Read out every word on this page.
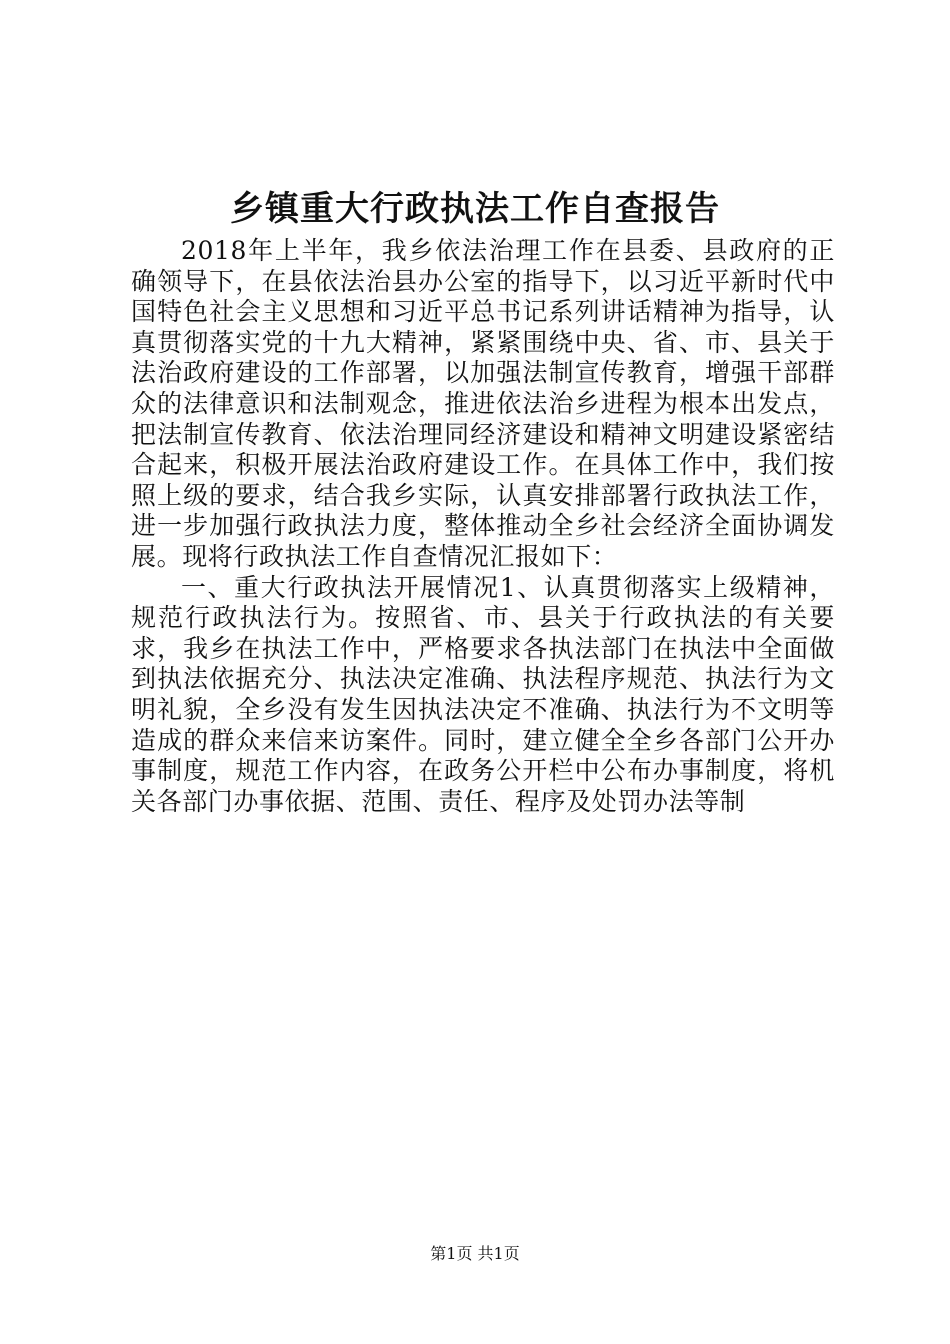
乡镇重大行政执法工作自查报告

2018年上半年，我乡依法治理工作在县委、县政府的正确领导下，在县依法治县办公室的指导下，以习近平新时代中国特色社会主义思想和习近平总书记系列讲话精神为指导，认真贯彻落实党的十九大精神，紧紧围绕中央、省、市、县关于法治政府建设的工作部署，以加强法制宣传教育，增强干部群众的法律意识和法制观念，推进依法治乡进程为根本出发点，把法制宣传教育、依法治理同经济建设和精神文明建设紧密结合起来，积极开展法治政府建设工作。在具体工作中，我们按照上级的要求，结合我乡实际，认真安排部署行政执法工作，进一步加强行政执法力度，整体推动全乡社会经济全面协调发展。现将行政执法工作自查情况汇报如下：

一、重大行政执法开展情况1、认真贯彻落实上级精神，规范行政执法行为。按照省、市、县关于行政执法的有关要求，我乡在执法工作中，严格要求各执法部门在执法中全面做到执法依据充分、执法决定准确、执法程序规范、执法行为文明礼貌，全乡没有发生因执法决定不准确、执法行为不文明等造成的群众来信来访案件。同时，建立健全全乡各部门公开办事制度，规范工作内容，在政务公开栏中公布办事制度，将机关各部门办事依据、范围、责任、程序及处罚办法等制

第1页 共1页
